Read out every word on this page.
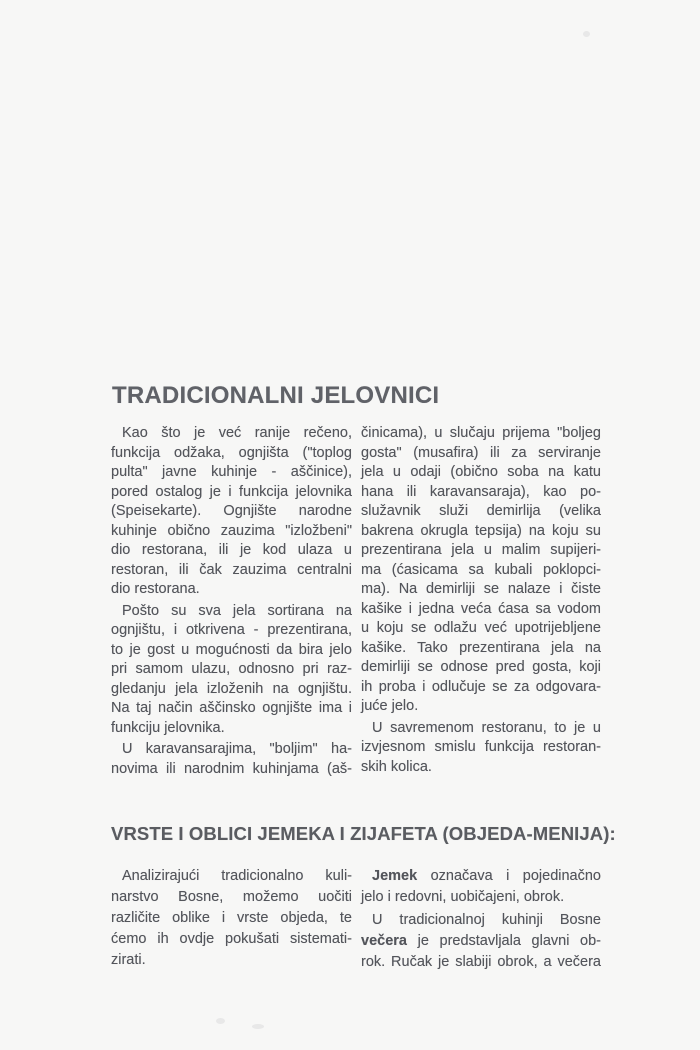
TRADICIONALNI JELOVNICI
Kao što je već ranije rečeno,
funkcija odžaka, ognjišta ("toplog
pulta" javne kuhinje - aščinice),
pored ostalog je i funkcija jelovnika
(Speisekarte). Ognjište narodne
kuhinje obično zauzima "izložbeni"
dio restorana, ili je kod ulaza u
restoran, ili čak zauzima centralni
dio restorana.
Pošto su sva jela sortirana na
ognjištu, i otkrivena - prezentirana,
to je gost u mogućnosti da bira jelo
pri samom ulazu, odnosno pri raz-
gledanju jela izloženih na ognjištu.
Na taj način aščinsko ognjište ima i
funkciju jelovnika.
U karavansarajima, "boljim" ha-
novima ili narodnim kuhinjama (aš-
činicama), u slučaju prijema "boljeg
gosta" (musafira) ili za serviranje
jela u odaji (obično soba na katu
hana ili karavansaraja), kao po-
služavnik služi demirlija (velika
bakrena okrugla tepsija) na koju su
prezentirana jela u malim supijeri-
ma (ćasicama sa kubali poklopci-
ma). Na demirliji se nalaze i čiste
kašike i jedna veća ćasa sa vodom
u koju se odlažu već upotrijebljene
kašike. Tako prezentirana jela na
demirliji se odnose pred gosta, koji
ih proba i odlučuje se za odgovara-
juće jelo.
U savremenom restoranu, to je u
izvjesnom smislu funkcija restoran-
skih kolica.
VRSTE I OBLICI JEMEKA I ZIJAFETA (OBJEDA-MENIJA):
Analizirajući tradicionalno kuli-
narstvo Bosne, možemo uočiti
različite oblike i vrste objeda, te
ćemo ih ovdje pokušati sistemati-
zirati.
Jemek označava i pojedinačno
jelo i redovni, uobičajeni, obrok.
U tradicionalnoj kuhinji Bosne
večera je predstavljala glavni ob-
rok. Ručak je slabiji obrok, a večera
